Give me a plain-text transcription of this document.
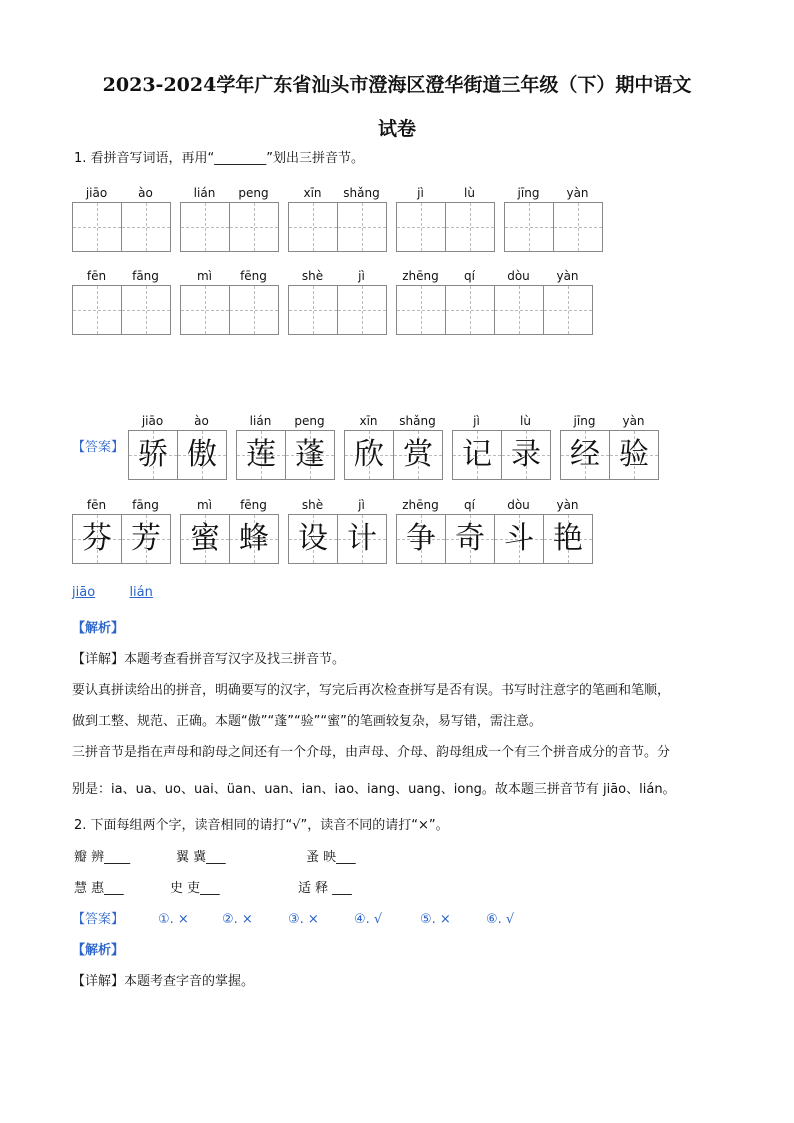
2023-2024学年广东省汕头市澄海区澄华街道三年级（下）期中语文
试卷
1. 看拼音写词语，再用“________”划出三拼音节。
jiāo	ào	lián	peng	xīn	shǎng	jì	lù	jīng	yàn
fēn	fāng	mì	fēng	shè	jì	zhēng	qí	dòu	yàn
【答案】
jiāo	ào
骄 傲
lián	peng
莲 蓬
xīn	shǎng
欣 赏
jì	lù
记 录
jīng	yàn
经 验
fēn	fāng
芬 芳
mì	fēng
蜜 蜂
shè	jì
设 计
zhēng	qí	dòu	yàn
争 奇 斗 艳
jiāo	lián
【解析】
【详解】本题考查看拼音写汉字及找三拼音节。
要认真拼读给出的拼音，明确要写的汉字，写完后再次检查拼写是否有误。书写时注意字的笔画和笔顺，
做到工整、规范、正确。本题“傲”“蓬”“验”“蜜”的笔画较复杂，易写错，需注意。
三拼音节是指在声母和韵母之间还有一个介母，由声母、介母、韵母组成一个有三个拼音成分的音节。分
别是：ia、ua、uo、uai、üan、uan、ian、iao、iang、uang、iong。故本题三拼音节有 jiāo、lián。
2. 下面每组两个字，读音相同的请打“√”，读音不同的请打“×”。
瓣 辨____	翼 冀___	蚤 映___
慧 惠___	史 吏___	适 释 ___
【答案】	①. ×	②. ×	③. ×	④. √	⑤. ×	⑥. √
【解析】
【详解】本题考查字音的掌握。
